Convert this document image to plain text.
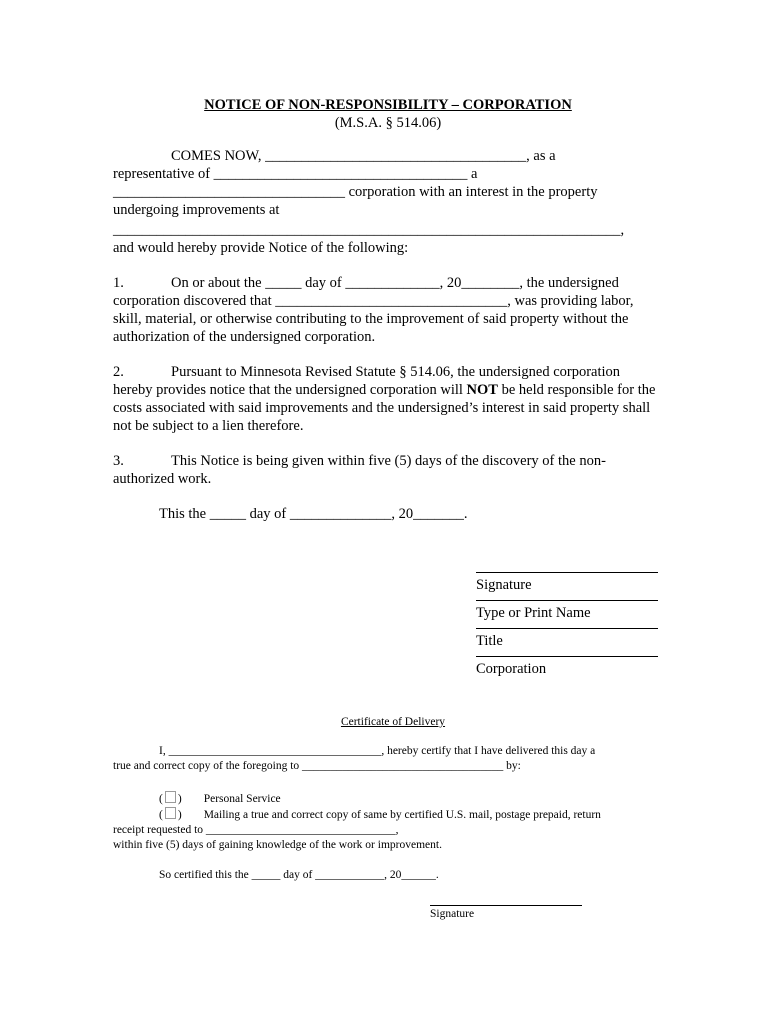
NOTICE OF NON-RESPONSIBILITY – CORPORATION

(M.S.A. § 514.06)

COMES NOW, ____________________________________, as a
representative of ___________________________________ a
________________________________ corporation with an interest in the property
undergoing improvements at
______________________________________________________________________,
and would hereby provide Notice of the following:
1.	On or about the _____ day of _____________, 20________, the undersigned
corporation discovered that ________________________________, was providing labor, skill, material, or otherwise contributing to the improvement of said property without the authorization of the undersigned corporation.
2.	Pursuant to Minnesota Revised Statute § 514.06, the undersigned corporation
hereby provides notice that the undersigned corporation will NOT be held responsible for the costs associated with said improvements and the undersigned’s interest in said property shall not be subject to a lien therefore.
3.	This Notice is being given within five (5) days of the discovery of the non-
authorized work.
This the _____ day of ______________, 20_______.
Signature
Type or Print Name
Title
Corporation
Certificate of Delivery
I, _____________________________________, hereby certify that I have delivered this day a
true and correct copy of the foregoing to ___________________________________ by:
( ) Personal Service
( ) Mailing a true and correct copy of same by certified U.S. mail, postage prepaid, return
receipt requested to _________________________________,
within five (5) days of gaining knowledge of the work or improvement.
So certified this the _____ day of ____________, 20______.
Signature
